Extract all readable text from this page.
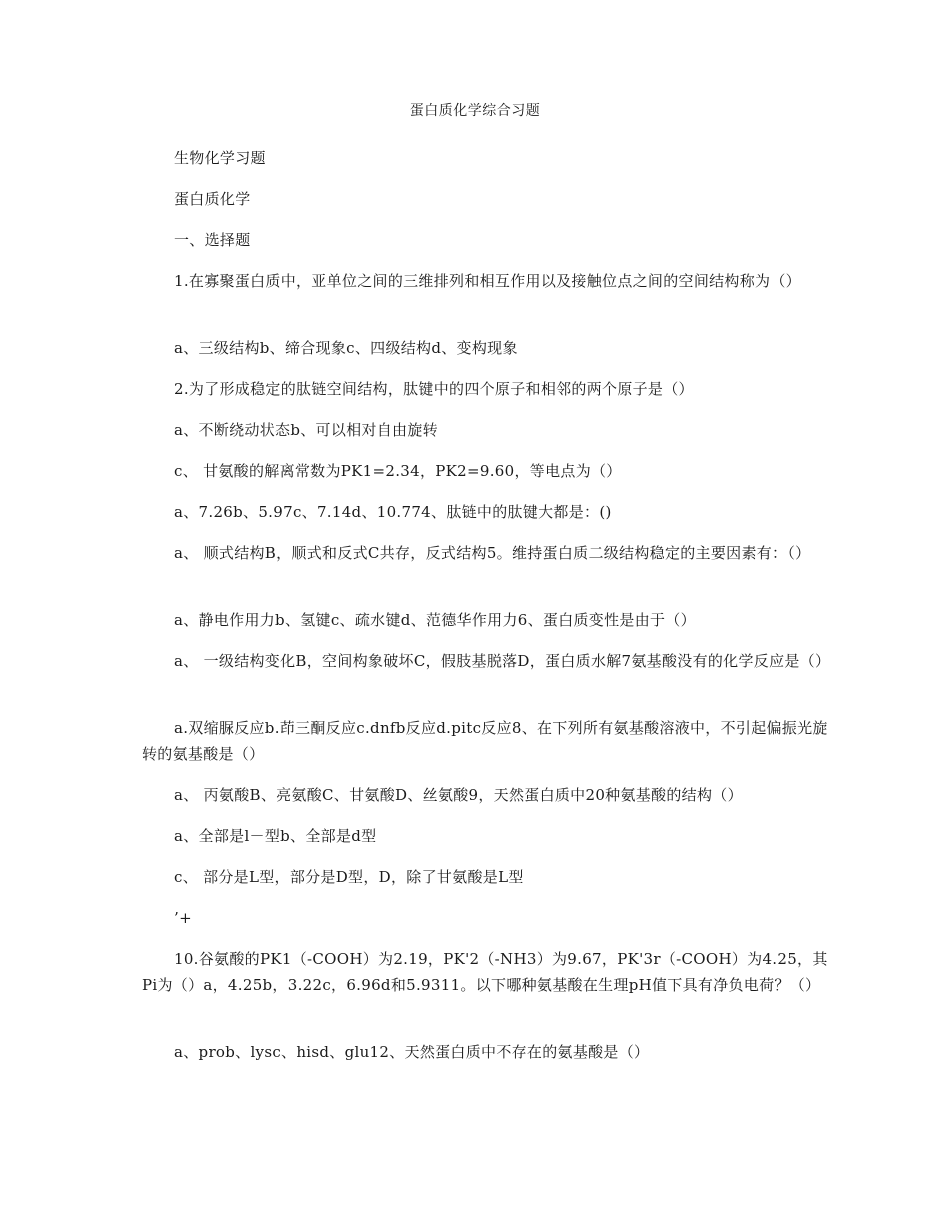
蛋白质化学综合习题

生物化学习题

蛋白质化学

一、选择题

1.在寡聚蛋白质中，亚单位之间的三维排列和相互作用以及接触位点之间的空间结构称为（）

a、三级结构b、缔合现象c、四级结构d、变构现象

2.为了形成稳定的肽链空间结构，肽键中的四个原子和相邻的两个原子是（）

a、不断绕动状态b、可以相对自由旋转

c、 甘氨酸的解离常数为PK1=2.34，PK2=9.60，等电点为（）

a、7.26b、5.97c、7.14d、10.774、肽链中的肽键大都是：()

a、 顺式结构B，顺式和反式C共存，反式结构5。维持蛋白质二级结构稳定的主要因素有：（）

a、静电作用力b、氢键c、疏水键d、范德华作用力6、蛋白质变性是由于（）

a、 一级结构变化B，空间构象破坏C，假肢基脱落D，蛋白质水解7氨基酸没有的化学反应是（）

a.双缩脲反应b.茚三酮反应c.dnfb反应d.pitc反应8、在下列所有氨基酸溶液中，不引起偏振光旋转的氨基酸是（）

a、 丙氨酸B、亮氨酸C、甘氨酸D、丝氨酸9，天然蛋白质中20种氨基酸的结构（）

a、全部是l－型b、全部是d型

c、 部分是L型，部分是D型，D，除了甘氨酸是L型

’+

10.谷氨酸的PK1（-COOH）为2.19，PK'2（-NH3）为9.67，PK'3r（-COOH）为4.25，其Pi为（）a，4.25b，3.22c，6.96d和5.9311。以下哪种氨基酸在生理pH值下具有净负电荷？（）

a、prob、lysc、hisd、glu12、天然蛋白质中不存在的氨基酸是（）
